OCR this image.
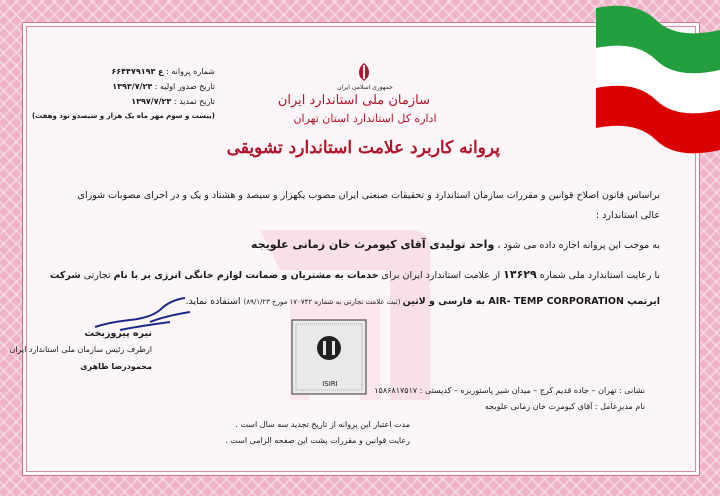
شماره پروانه : ع ۶۶۴۴۷۹۱۹۳
تاریخ صدور اولیه : ۱۳۹۳/۷/۲۳
تاریخ تمدید : ۱۳۹۷/۷/۲۳
(بیست و سوم مهر ماه یک هزار و سیصدو نود وهفت)
جمهوری اسلامی ایران
سازمان ملی استاندارد ایران
اداره کل استاندارد استان تهران
پروانه کاربرد علامت استاندارد تشویقی
براساس قانون اصلاح قوانین و مقررات سازمان استاندارد و تحقیقات صنعتی ایران مصوب یکهزار و سیصد و هشتاد و یک و در اجرای مصوبات شورای
عالی استاندارد :
به موجب این پروانه اجازه داده می شود ، واحد تولیدی آقای کیومرث خان زمانی علویجه
با رعایت استاندارد ملی شماره ۱۳۶۲۹ از علامت استاندارد ایران برای خدمات به مشتریان و ضمانت لوازم خانگی انرژی بر با نام تجارتی شرکت
ایرتمپ AIR- TEMP CORPORATION به فارسی و لاتین (ثبت علامت تجارتی به شماره ۱۷۰۷۴۲ مورخ ۸۹/۱/۲۳) استفاده نماید.
نیره پیروزبخت
ازطرف رئیس سازمان ملی استاندارد ایران
محمودرضا طاهری
ISIRI
نشانی : تهران – جاده قدیم کرج – میدان شیر پاستوریزه – کدپستی : ۱۵۸۶۸۱۷۵۱۷
نام مدیرعامل : آقای کیومرث خان زمانی علویجه
مدت اعتبار این پروانه از تاریخ تجدید سه سال است .
رعایت قوانین و مقررات پشت این صفحه الزامی است .
